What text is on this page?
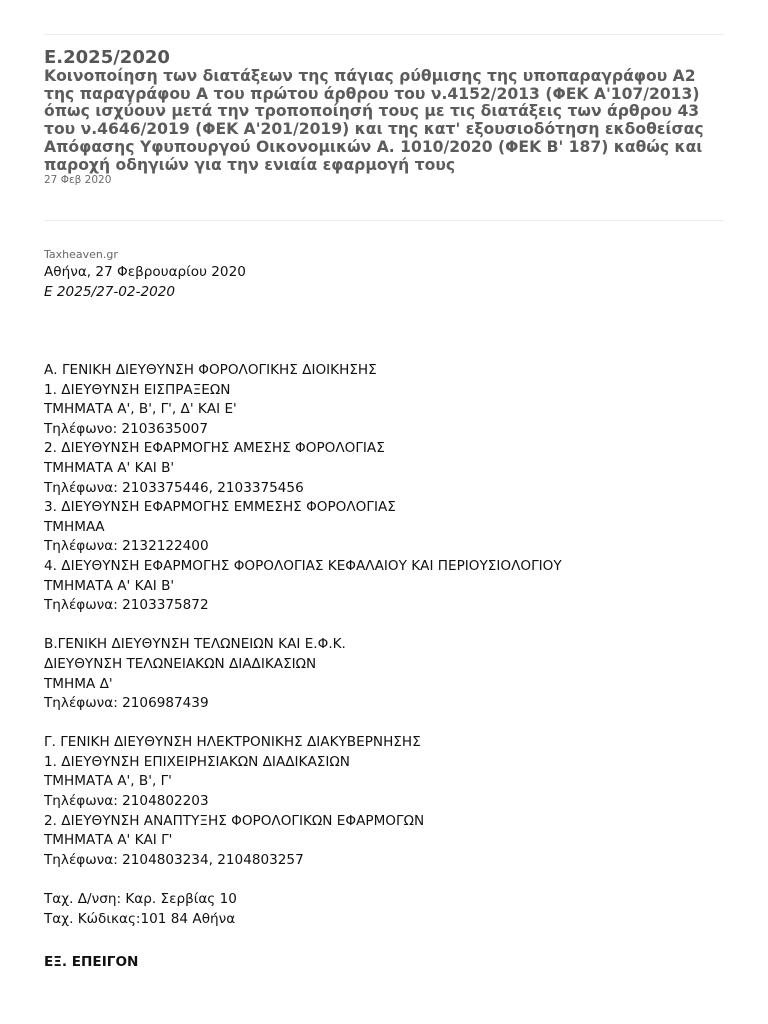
Ε.2025/2020
Κοινοποίηση των διατάξεων της πάγιας ρύθμισης της υποπαραγράφου Α2 της παραγράφου Α του πρώτου άρθρου του ν.4152/2013 (ΦΕΚ Α'107/2013) όπως ισχύουν μετά την τροποποίησή τους με τις διατάξεις των άρθρου 43 του ν.4646/2019 (ΦΕΚ Α'201/2019) και της κατ' εξουσιοδότηση εκδοθείσας Απόφασης Υφυπουργού Οικονομικών Α. 1010/2020 (ΦΕΚ Β' 187) καθώς και παροχή οδηγιών για την ενιαία εφαρμογή τους
27 Φεβ 2020
Taxheaven.gr
Αθήνα, 27 Φεβρουαρίου 2020
Ε 2025/27-02-2020
Α. ΓΕΝΙΚΗ ΔΙΕΥΘΥΝΣΗ ΦΟΡΟΛΟΓΙΚΗΣ ΔΙΟΙΚΗΣΗΣ
1. ΔΙΕΥΘΥΝΣΗ ΕΙΣΠΡΑΞΕΩΝ
ΤΜΗΜΑΤΑ Α', Β', Γ', Δ' ΚΑΙ Ε'
Τηλέφωνο: 2103635007
2. ΔΙΕΥΘΥΝΣΗ ΕΦΑΡΜΟΓΗΣ ΑΜΕΣΗΣ ΦΟΡΟΛΟΓΙΑΣ
ΤΜΗΜΑΤΑ Α' ΚΑΙ Β'
Τηλέφωνα: 2103375446, 2103375456
3. ΔΙΕΥΘΥΝΣΗ ΕΦΑΡΜΟΓΗΣ ΕΜΜΕΣΗΣ ΦΟΡΟΛΟΓΙΑΣ
ΤΜΗΜΑΑ
Τηλέφωνα: 2132122400
4. ΔΙΕΥΘΥΝΣΗ ΕΦΑΡΜΟΓΗΣ ΦΟΡΟΛΟΓΙΑΣ ΚΕΦΑΛΑΙΟΥ ΚΑΙ ΠΕΡΙΟΥΣΙΟΛΟΓΙΟΥ
ΤΜΗΜΑΤΑ Α' ΚΑΙ Β'
Τηλέφωνα: 2103375872
Β.ΓΕΝΙΚΗ ΔΙΕΥΘΥΝΣΗ ΤΕΛΩΝΕΙΩΝ ΚΑΙ Ε.Φ.Κ.
ΔΙΕΥΘΥΝΣΗ ΤΕΛΩΝΕΙΑΚΩΝ ΔΙΑΔΙΚΑΣΙΩΝ
ΤΜΗΜΑ Δ'
Τηλέφωνα: 2106987439
Γ. ΓΕΝΙΚΗ ΔΙΕΥΘΥΝΣΗ ΗΛΕΚΤΡΟΝΙΚΗΣ ΔΙΑΚΥΒΕΡΝΗΣΗΣ
1. ΔΙΕΥΘΥΝΣΗ ΕΠΙΧΕΙΡΗΣΙΑΚΩΝ ΔΙΑΔΙΚΑΣΙΩΝ
ΤΜΗΜΑΤΑ Α', Β', Γ'
Τηλέφωνα: 2104802203
2. ΔΙΕΥΘΥΝΣΗ ΑΝΑΠΤΥΞΗΣ ΦΟΡΟΛΟΓΙΚΩΝ ΕΦΑΡΜΟΓΩΝ
ΤΜΗΜΑΤΑ Α' ΚΑΙ Γ'
Τηλέφωνα: 2104803234, 2104803257
Ταχ. Δ/νση: Καρ. Σερβίας 10
Ταχ. Κώδικας:101 84 Αθήνα
ΕΞ. ΕΠΕΙΓΟΝ
